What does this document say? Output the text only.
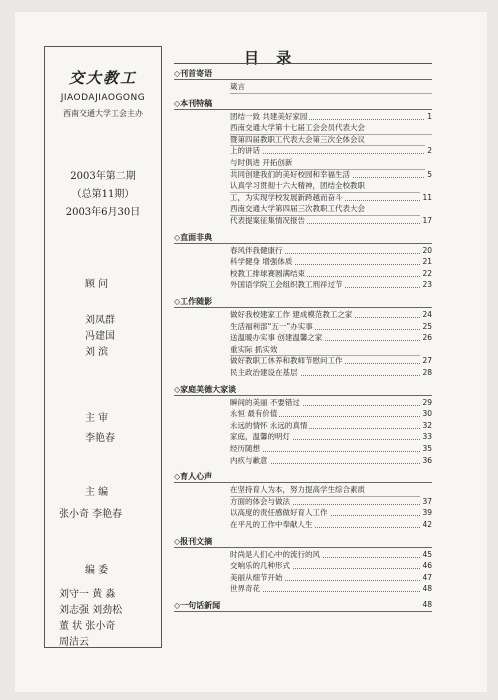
交大教工
JIAODAJIAOGONG
西南交通大学工会主办
2003年第二期
（总第11期）
2003年6月30日
顾 问
刘凤群
冯建国
刘 滨
主 审
李艳春
主 编
张小奇 李艳春
编 委
刘守一 黄 淼
刘志强 刘劲松
董 状 张小奇
周洁云
目 录
◇刊首寄语
箴言
◇本刊特稿
团结一致 共建美好家园	1
西南交通大学第十七届工会会员代表大会
暨第四届教职工代表大会第三次全体会议
上的讲话	2
与时俱进 开拓创新
共同创建我们的美好校园和幸福生活	5
认真学习贯彻十六大精神，团结全校教职
工，为实现学校发展新跨越而奋斗	11
西南交通大学第四届三次教职工代表大会
代表提案征集情况报告	17
◇直面非典
春风伴我健康行	20
科学健身 增强体质	21
校教工排球赛圆满结束	22
外国语学院工会组织教工刑祥过节	23
◇工作随影
做好我校建家工作 建成模范教工之家	24
生活福利部“五一”办实事	25
送温暖办实事 创建温馨之家	26
重实际 抓实效
做好教职工休养和教师节慰问工作	27
民主政治建设在基层	28
◇家庭美德大家谈
瞬间的美丽 不要错过	29
永恒 最有价值	30
永远的情怀 永远的真情	32
家庭，温馨的明灯	33
经历随想	35
内疚与歉意	36
◇育人心声
在坚持育人为本，努力提高学生综合素质
方面的体会与做法	37
以高度的责任感做好育人工作	39
在平凡的工作中奉献人生	42
◇报刊文摘
时尚是人们心中的流行的风	45
交响乐的几种形式	46
美丽从细节开始	47
世界奇花	48
◇一句话新闻	48
